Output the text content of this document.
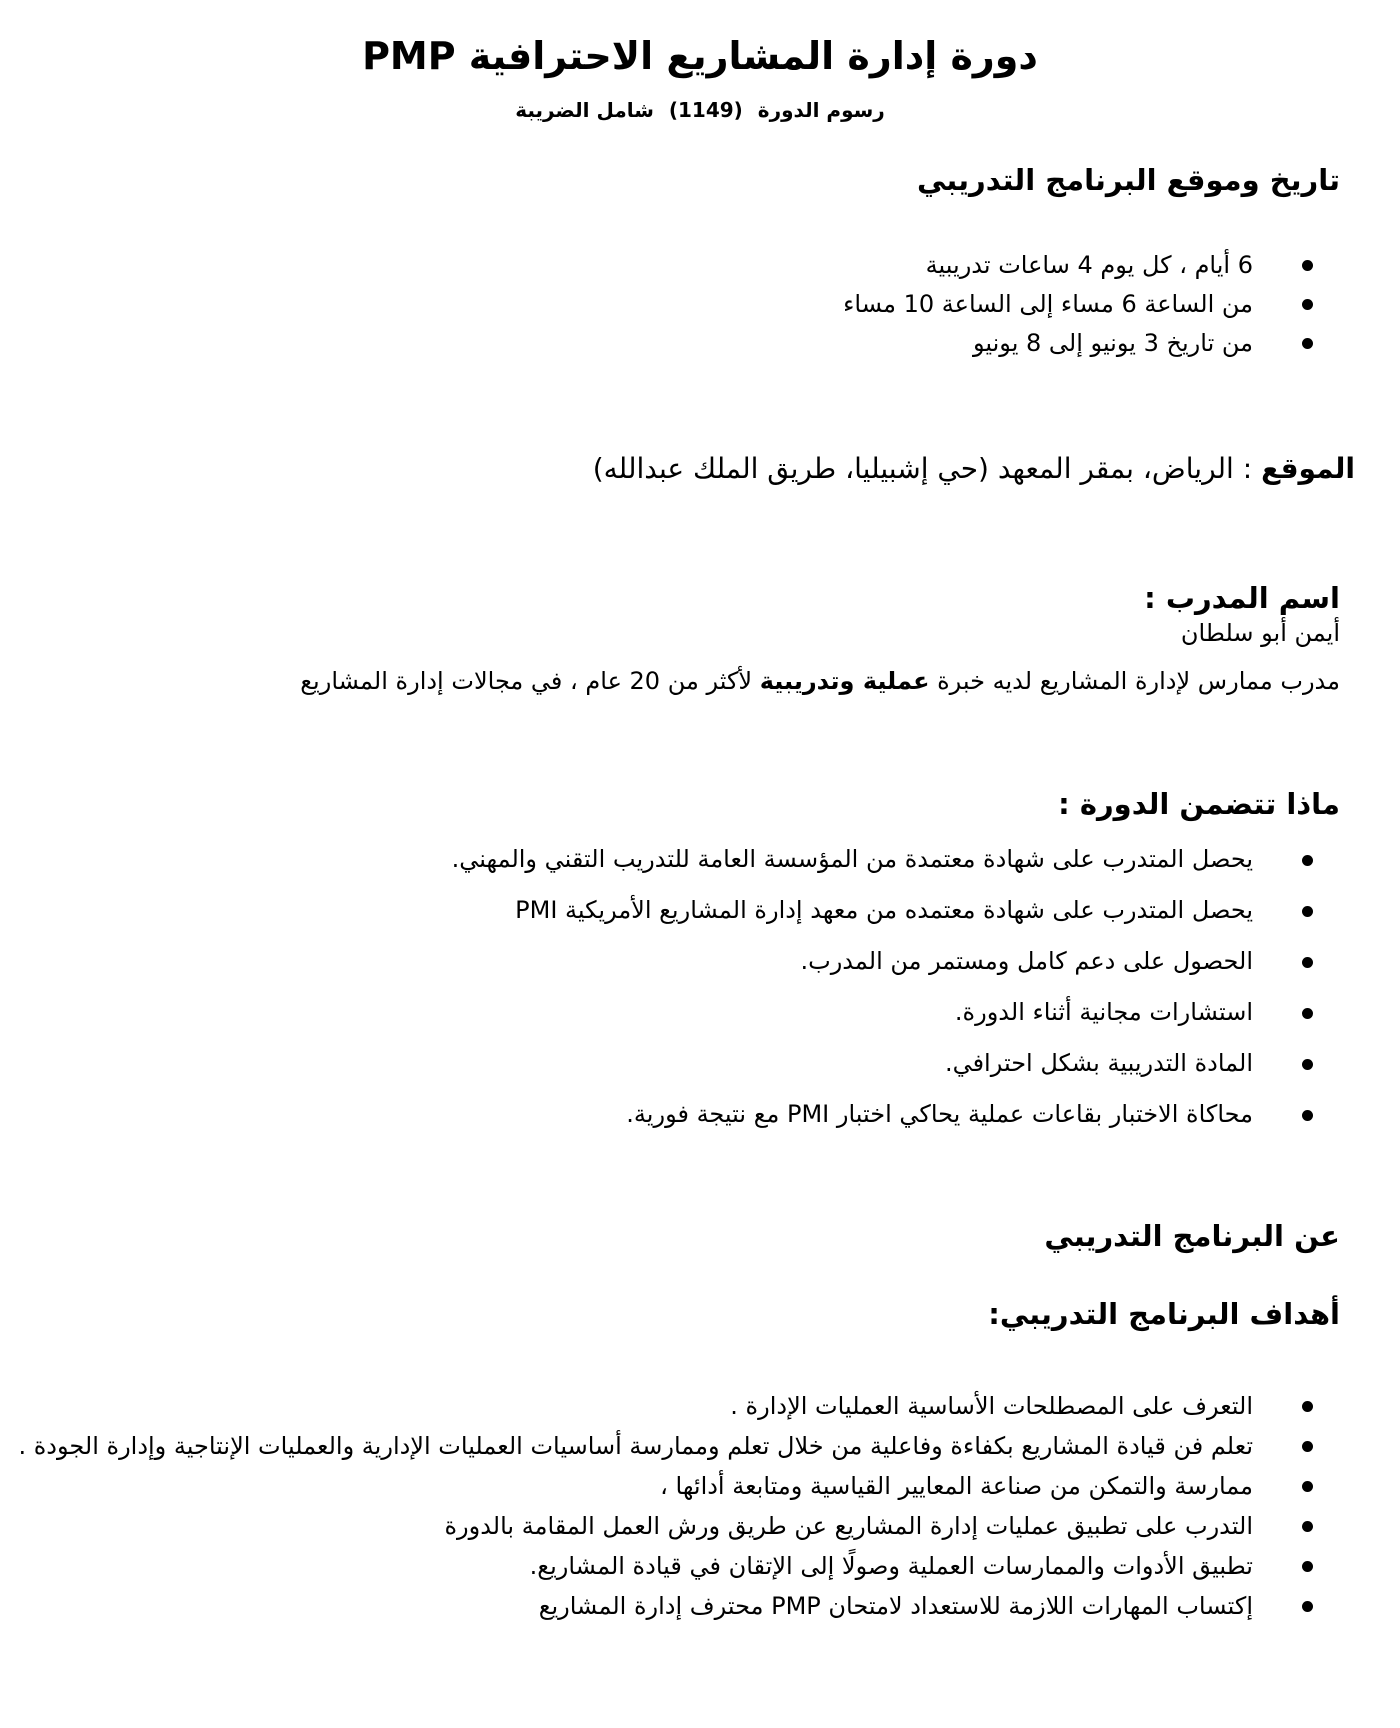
دورة إدارة المشاريع الاحترافية PMP
رسوم الدورة (1149) شامل الضريبة
تاريخ وموقع البرنامج التدريبي
6 أيام ، كل يوم 4 ساعات تدريبية
من الساعة 6 مساء إلى الساعة 10 مساء
من تاريخ 3 يونيو إلى 8 يونيو
الموقع : الرياض، بمقر المعهد (حي إشبيليا، طريق الملك عبدالله)
اسم المدرب :
أيمن أبو سلطان
مدرب ممارس لإدارة المشاريع لديه خبرة عملية وتدريبية لأكثر من 20 عام ، في مجالات إدارة المشاريع
ماذا تتضمن الدورة :
يحصل المتدرب على شهادة معتمدة من المؤسسة العامة للتدريب التقني والمهني.
يحصل المتدرب على شهادة معتمده من معهد إدارة المشاريع الأمريكية PMI
الحصول على دعم كامل ومستمر من المدرب.
استشارات مجانية أثناء الدورة.
المادة التدريبية بشكل احترافي.
محاكاة الاختبار بقاعات عملية يحاكي اختبار PMI مع نتيجة فورية.
عن البرنامج التدريبي
أهداف البرنامج التدريبي:
التعرف على المصطلحات الأساسية العمليات الإدارة .
تعلم فن قيادة المشاريع بكفاءة وفاعلية من خلال تعلم وممارسة أساسيات العمليات الإدارية والعمليات الإنتاجية وإدارة الجودة .
ممارسة والتمكن من صناعة المعايير القياسية ومتابعة أدائها ،
التدرب على تطبيق عمليات إدارة المشاريع عن طريق ورش العمل المقامة بالدورة
تطبيق الأدوات والممارسات العملية وصولًا إلى الإتقان في قيادة المشاريع.
إكتساب المهارات اللازمة للاستعداد لامتحان PMP محترف إدارة المشاريع
